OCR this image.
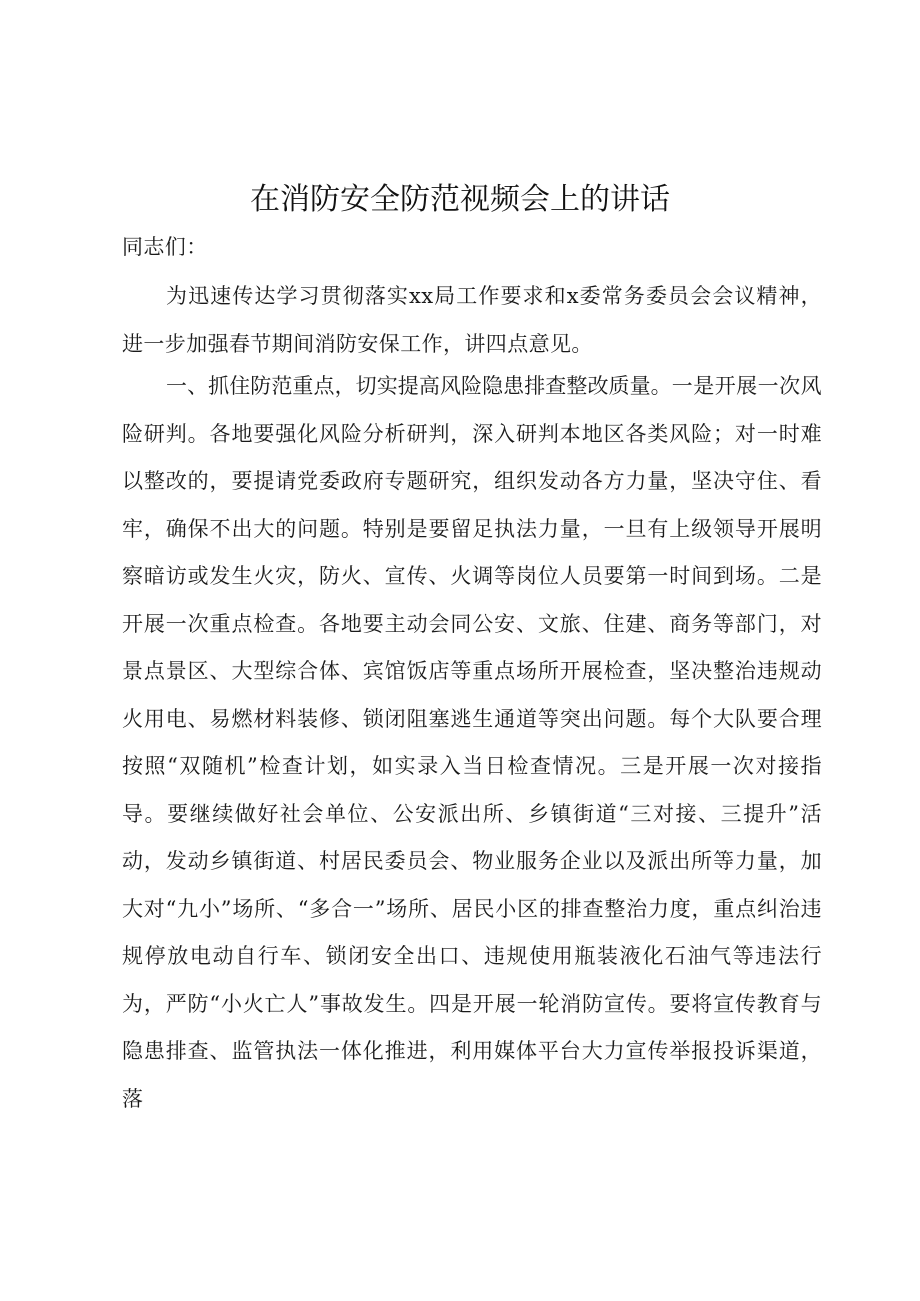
在消防安全防范视频会上的讲话
同志们：
为迅速传达学习贯彻落实xx局工作要求和x委常务委员会会议精神，进一步加强春节期间消防安保工作，讲四点意见。
一、抓住防范重点，切实提高风险隐患排查整改质量。一是开展一次风险研判。各地要强化风险分析研判，深入研判本地区各类风险；对一时难以整改的，要提请党委政府专题研究，组织发动各方力量，坚决守住、看牢，确保不出大的问题。特别是要留足执法力量，一旦有上级领导开展明察暗访或发生火灾，防火、宣传、火调等岗位人员要第一时间到场。二是开展一次重点检查。各地要主动会同公安、文旅、住建、商务等部门，对景点景区、大型综合体、宾馆饭店等重点场所开展检查，坚决整治违规动火用电、易燃材料装修、锁闭阻塞逃生通道等突出问题。每个大队要合理按照“双随机”检查计划，如实录入当日检查情况。三是开展一次对接指导。要继续做好社会单位、公安派出所、乡镇街道“三对接、三提升”活动，发动乡镇街道、村居民委员会、物业服务企业以及派出所等力量，加大对“九小”场所、“多合一”场所、居民小区的排查整治力度，重点纠治违规停放电动自行车、锁闭安全出口、违规使用瓶装液化石油气等违法行为，严防“小火亡人”事故发生。四是开展一轮消防宣传。要将宣传教育与隐患排查、监管执法一体化推进，利用媒体平台大力宣传举报投诉渠道，落
